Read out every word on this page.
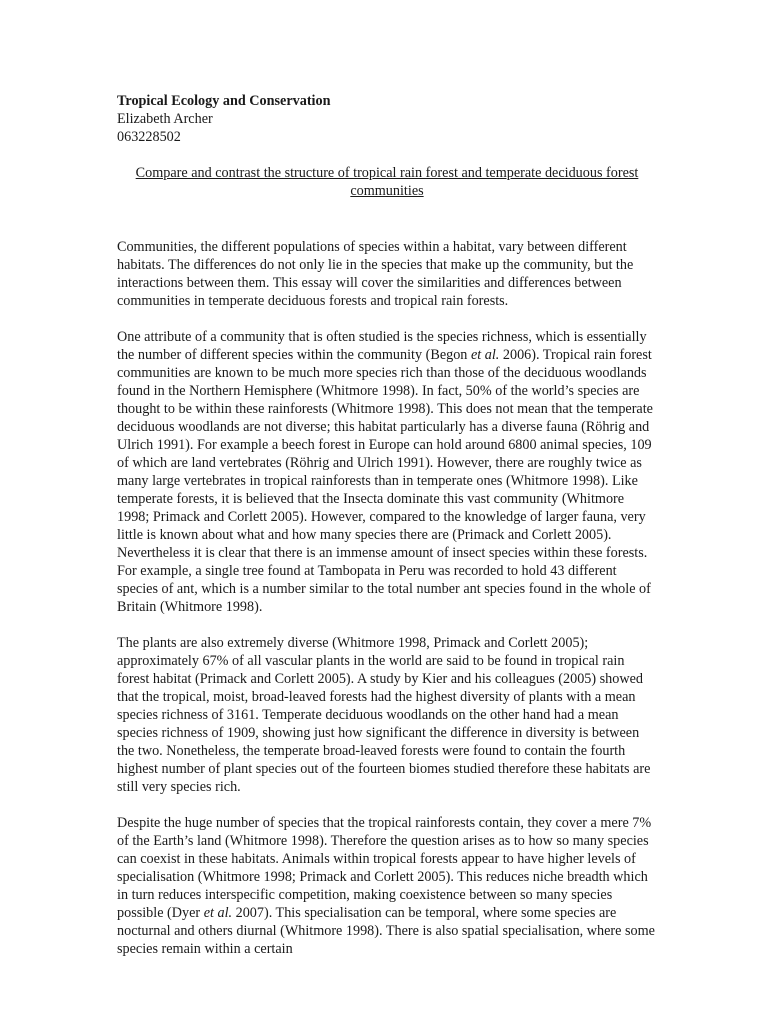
Tropical Ecology and Conservation
Elizabeth Archer
063228502
Compare and contrast the structure of tropical rain forest and temperate deciduous forest communities

Communities, the different populations of species within a habitat, vary between different habitats. The differences do not only lie in the species that make up the community, but the interactions between them. This essay will cover the similarities and differences between communities in temperate deciduous forests and tropical rain forests.

One attribute of a community that is often studied is the species richness, which is essentially the number of different species within the community (Begon et al. 2006). Tropical rain forest communities are known to be much more species rich than those of the deciduous woodlands found in the Northern Hemisphere (Whitmore 1998). In fact, 50% of the world’s species are thought to be within these rainforests (Whitmore 1998). This does not mean that the temperate deciduous woodlands are not diverse; this habitat particularly has a diverse fauna (Röhrig and Ulrich 1991). For example a beech forest in Europe can hold around 6800 animal species, 109 of which are land vertebrates (Röhrig and Ulrich 1991). However, there are roughly twice as many large vertebrates in tropical rainforests than in temperate ones (Whitmore 1998). Like temperate forests, it is believed that the Insecta dominate this vast community (Whitmore 1998; Primack and Corlett 2005). However, compared to the knowledge of larger fauna, very little is known about what and how many species there are (Primack and Corlett 2005). Nevertheless it is clear that there is an immense amount of insect species within these forests. For example, a single tree found at Tambopata in Peru was recorded to hold 43 different species of ant, which is a number similar to the total number ant species found in the whole of Britain (Whitmore 1998).

The plants are also extremely diverse (Whitmore 1998, Primack and Corlett 2005); approximately 67% of all vascular plants in the world are said to be found in tropical rain forest habitat (Primack and Corlett 2005). A study by Kier and his colleagues (2005) showed that the tropical, moist, broad-leaved forests had the highest diversity of plants with a mean species richness of 3161. Temperate deciduous woodlands on the other hand had a mean species richness of 1909, showing just how significant the difference in diversity is between the two. Nonetheless, the temperate broad-leaved forests were found to contain the fourth highest number of plant species out of the fourteen biomes studied therefore these habitats are still very species rich.

Despite the huge number of species that the tropical rainforests contain, they cover a mere 7% of the Earth’s land (Whitmore 1998). Therefore the question arises as to how so many species can coexist in these habitats. Animals within tropical forests appear to have higher levels of specialisation (Whitmore 1998; Primack and Corlett 2005). This reduces niche breadth which in turn reduces interspecific competition, making coexistence between so many species possible (Dyer et al. 2007). This specialisation can be temporal, where some species are nocturnal and others diurnal (Whitmore 1998). There is also spatial specialisation, where some species remain within a certain
